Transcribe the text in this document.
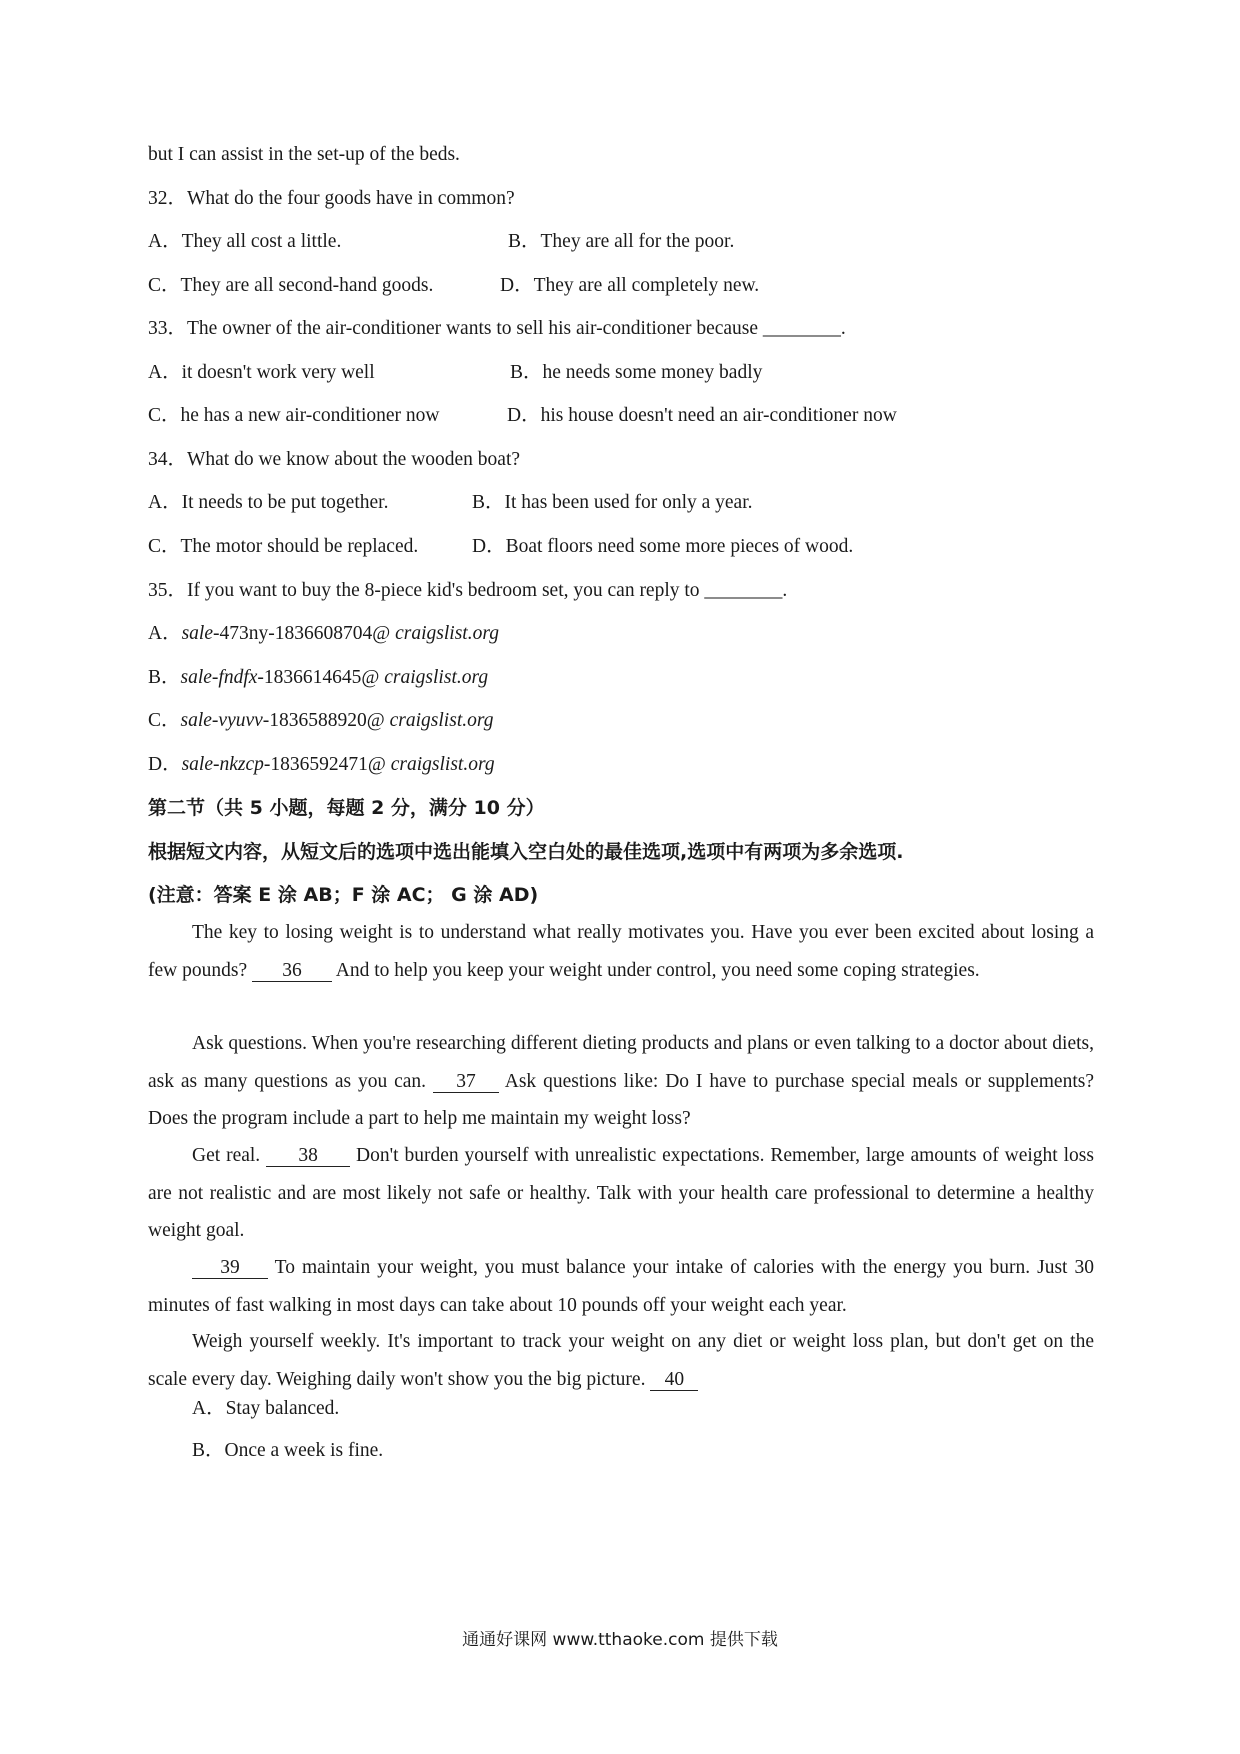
but I can assist in the set-up of the beds.
32．What do the four goods have in common?
A．They all cost a little.	B．They are all for the poor.
C．They are all second-hand goods.	D．They are all completely new.
33．The owner of the air-conditioner wants to sell his air-conditioner because ________.
A．it doesn't work very well	B．he needs some money badly
C．he has a new air-conditioner now	D．his house doesn't need an air-conditioner now
34．What do we know about the wooden boat?
A．It needs to be put together.	B．It has been used for only a year.
C．The motor should be replaced.	D．Boat floors need some more pieces of wood.
35．If you want to buy the 8-piece kid's bedroom set, you can reply to ________.
A．sale-473ny-1836608704@ craigslist.org
B．sale-fndfx-1836614645@ craigslist.org
C．sale-vyuvv-1836588920@ craigslist.org
D．sale-nkzcp-1836592471@ craigslist.org
第二节（共 5 小题，每题 2 分，满分 10 分）
根据短文内容，从短文后的选项中选出能填入空白处的最佳选项,选项中有两项为多余选项.
(注意：答案 E 涂 AB；F 涂 AC； G 涂 AD)
The key to losing weight is to understand what really motivates you. Have you ever been excited about losing a few pounds? 36 And to help you keep your weight under control, you need some coping strategies.
Ask questions. When you're researching different dieting products and plans or even talking to a doctor about diets, ask as many questions as you can. 37 Ask questions like: Do I have to purchase special meals or supplements? Does the program include a part to help me maintain my weight loss?
Get real. 38 Don't burden yourself with unrealistic expectations. Remember, large amounts of weight loss are not realistic and are most likely not safe or healthy. Talk with your health care professional to determine a healthy weight goal.
39 To maintain your weight, you must balance your intake of calories with the energy you burn. Just 30 minutes of fast walking in most days can take about 10 pounds off your weight each year.
Weigh yourself weekly. It's important to track your weight on any diet or weight loss plan, but don't get on the scale every day. Weighing daily won't show you the big picture. 40
A．Stay balanced.
B．Once a week is fine.
通通好课网 www.tthaoke.com 提供下载
